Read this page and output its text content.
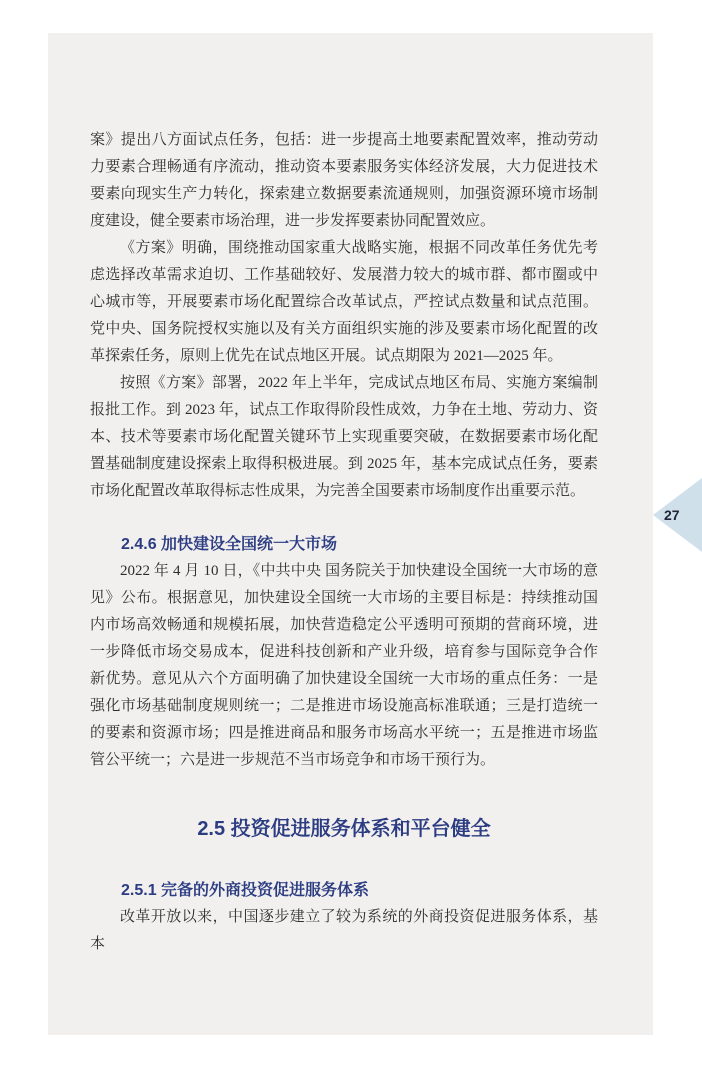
案》提出八方面试点任务，包括：进一步提高土地要素配置效率，推动劳动力要素合理畅通有序流动，推动资本要素服务实体经济发展，大力促进技术要素向现实生产力转化，探索建立数据要素流通规则，加强资源环境市场制度建设，健全要素市场治理，进一步发挥要素协同配置效应。

《方案》明确，围绕推动国家重大战略实施，根据不同改革任务优先考虑选择改革需求迫切、工作基础较好、发展潜力较大的城市群、都市圈或中心城市等，开展要素市场化配置综合改革试点，严控试点数量和试点范围。党中央、国务院授权实施以及有关方面组织实施的涉及要素市场化配置的改革探索任务，原则上优先在试点地区开展。试点期限为 2021—2025 年。

按照《方案》部署，2022 年上半年，完成试点地区布局、实施方案编制报批工作。到 2023 年，试点工作取得阶段性成效，力争在土地、劳动力、资本、技术等要素市场化配置关键环节上实现重要突破，在数据要素市场化配置基础制度建设探索上取得积极进展。到 2025 年，基本完成试点任务，要素市场化配置改革取得标志性成果，为完善全国要素市场制度作出重要示范。

2.4.6 加快建设全国统一大市场

2022 年 4 月 10 日，《中共中央 国务院关于加快建设全国统一大市场的意见》公布。根据意见，加快建设全国统一大市场的主要目标是：持续推动国内市场高效畅通和规模拓展，加快营造稳定公平透明可预期的营商环境，进一步降低市场交易成本，促进科技创新和产业升级，培育参与国际竞争合作新优势。意见从六个方面明确了加快建设全国统一大市场的重点任务：一是强化市场基础制度规则统一；二是推进市场设施高标准联通；三是打造统一的要素和资源市场；四是推进商品和服务市场高水平统一；五是推进市场监管公平统一；六是进一步规范不当市场竞争和市场干预行为。

2.5 投资促进服务体系和平台健全
2.5.1 完备的外商投资促进服务体系

改革开放以来，中国逐步建立了较为系统的外商投资促进服务体系，基本

27
